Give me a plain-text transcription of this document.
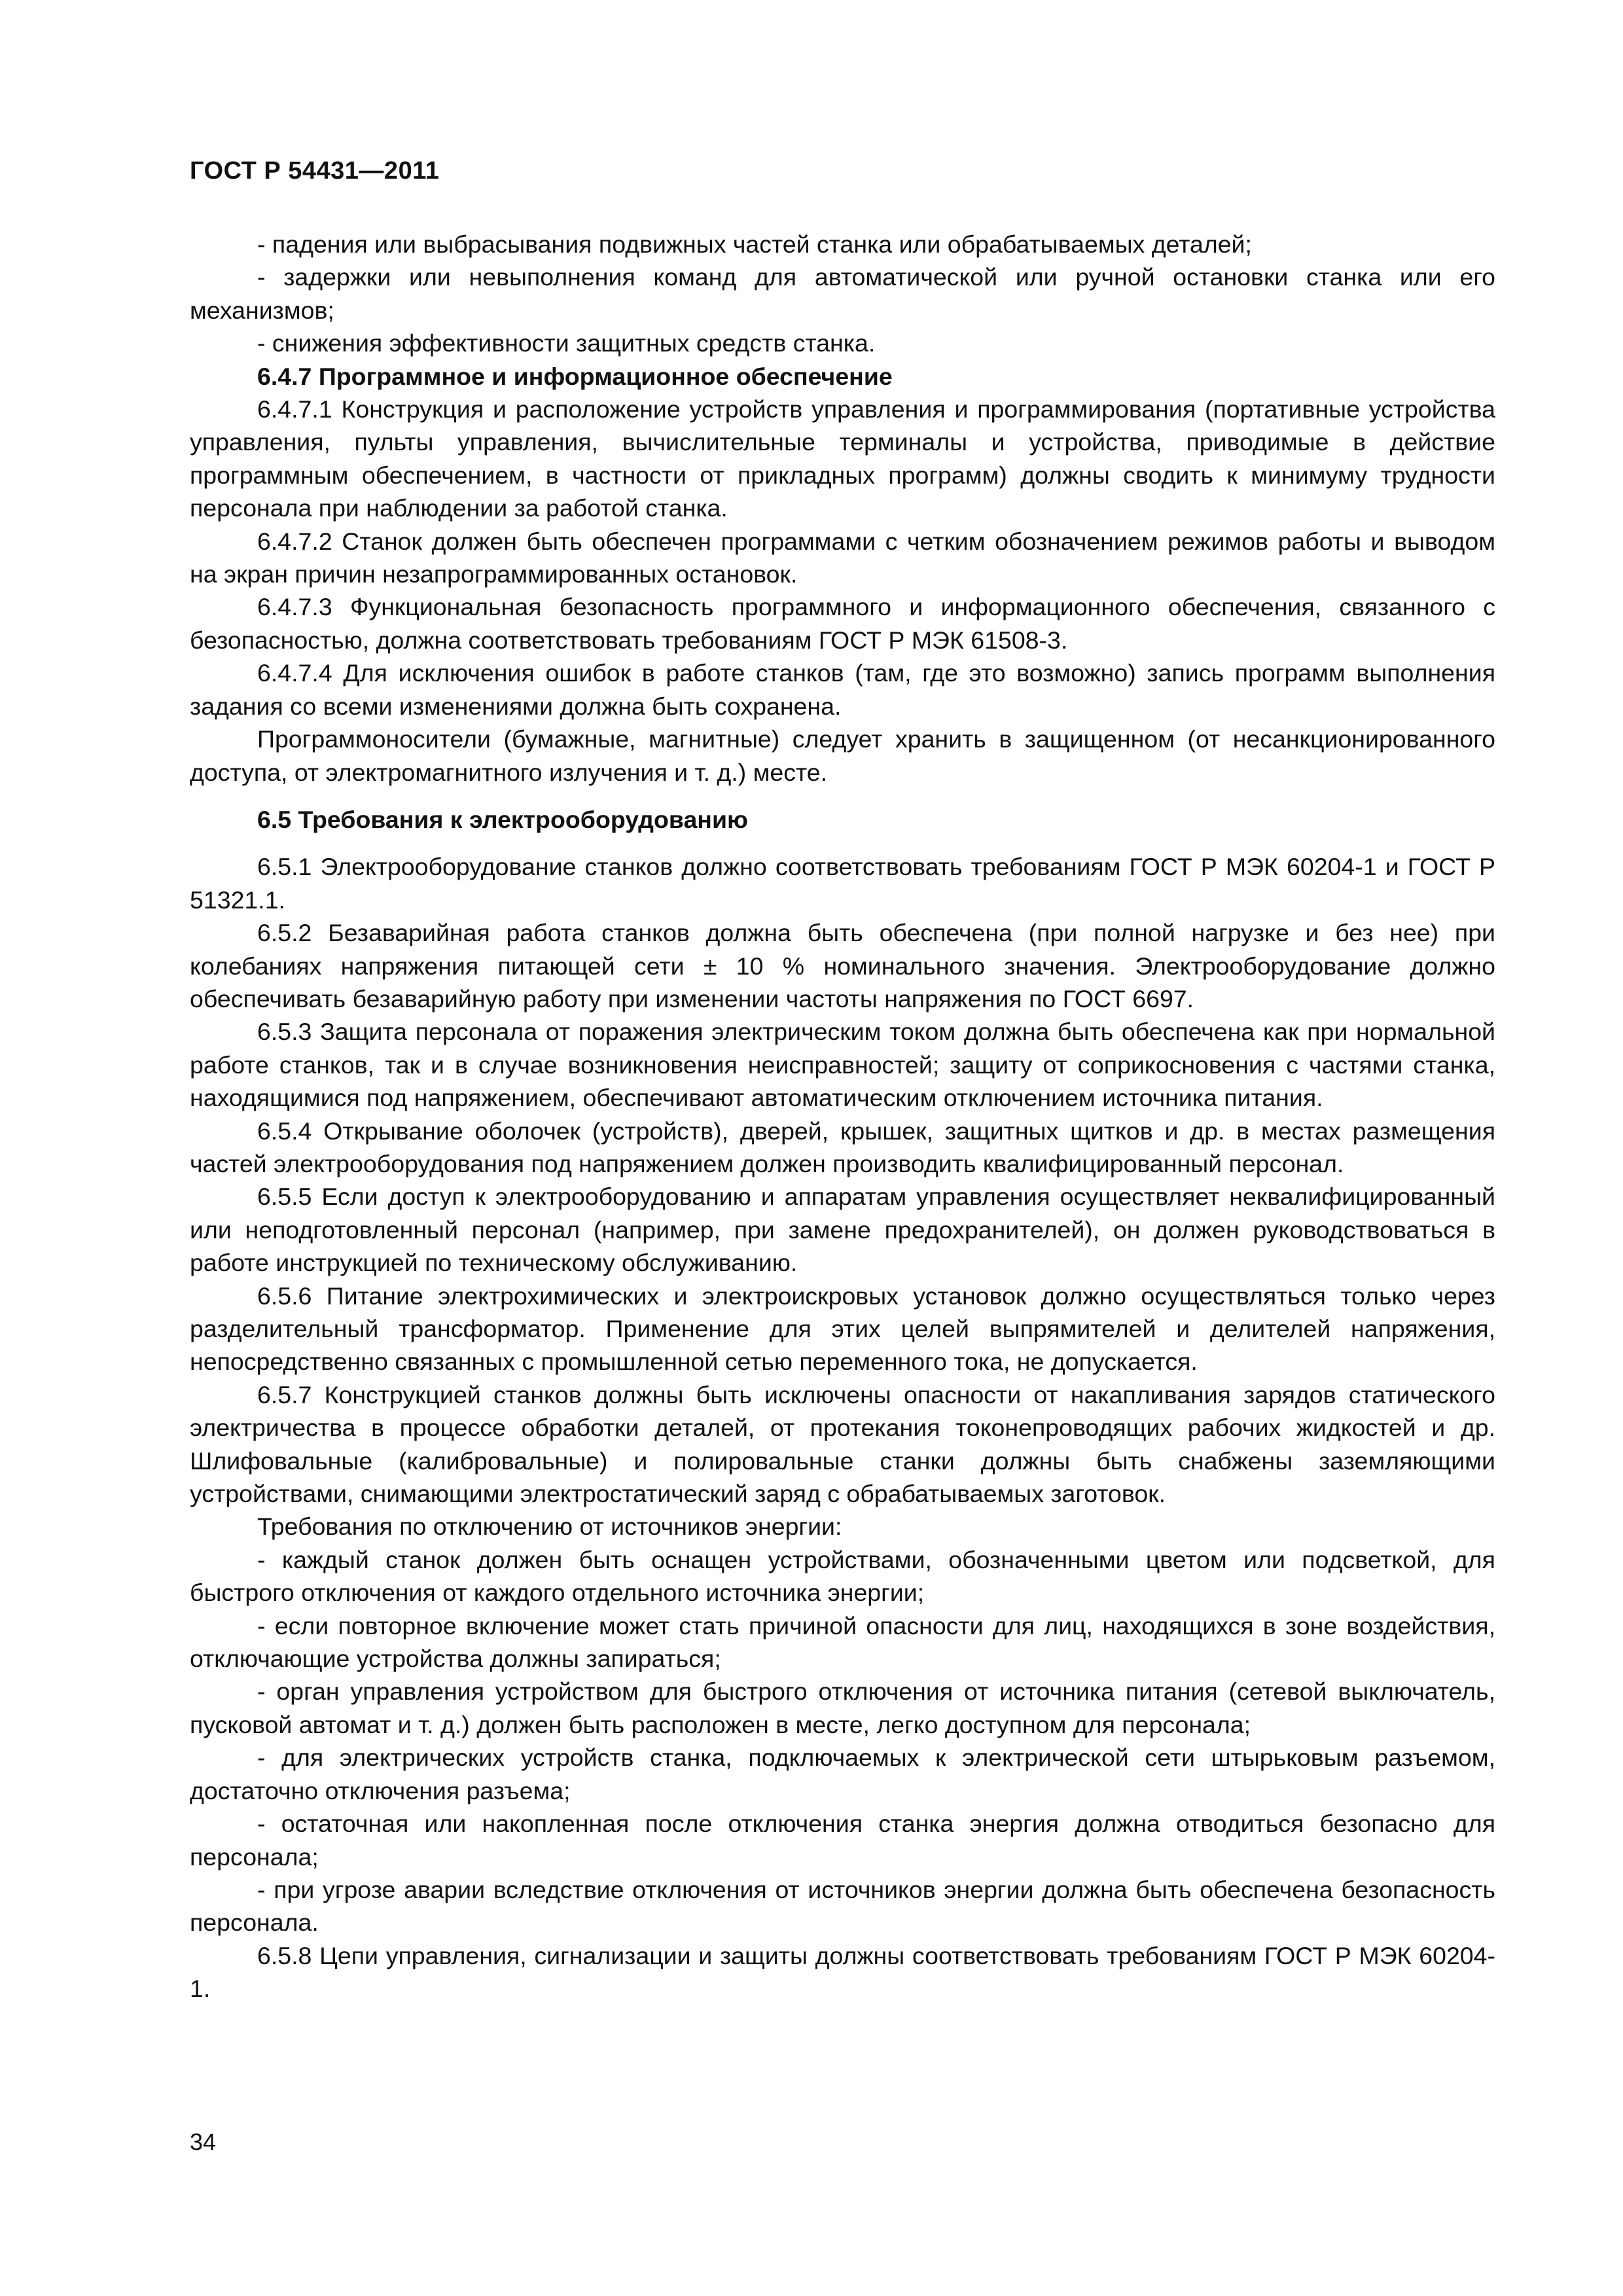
ГОСТ Р 54431—2011

- падения или выбрасывания подвижных частей станка или обрабатываемых деталей;

- задержки или невыполнения команд для автоматической или ручной остановки станка или его механизмов;

- снижения эффективности защитных средств станка.

6.4.7 Программное и информационное обеспечение

6.4.7.1 Конструкция и расположение устройств управления и программирования (портативные устройства управления, пульты управления, вычислительные терминалы и устройства, приводимые в действие программным обеспечением, в частности от прикладных программ) должны сводить к минимуму трудности персонала при наблюдении за работой станка.

6.4.7.2 Станок должен быть обеспечен программами с четким обозначением режимов работы и выводом на экран причин незапрограммированных остановок.

6.4.7.3 Функциональная безопасность программного и информационного обеспечения, связанного с безопасностью, должна соответствовать требованиям ГОСТ Р МЭК 61508-3.

6.4.7.4 Для исключения ошибок в работе станков (там, где это возможно) запись программ выполнения задания со всеми изменениями должна быть сохранена.

Программоносители (бумажные, магнитные) следует хранить в защищенном (от несанкционированного доступа, от электромагнитного излучения и т. д.) месте.

6.5 Требования к электрооборудованию

6.5.1 Электрооборудование станков должно соответствовать требованиям ГОСТ Р МЭК 60204-1 и ГОСТ Р 51321.1.

6.5.2 Безаварийная работа станков должна быть обеспечена (при полной нагрузке и без нее) при колебаниях напряжения питающей сети ± 10 % номинального значения. Электрооборудование должно обеспечивать безаварийную работу при изменении частоты напряжения по ГОСТ 6697.

6.5.3 Защита персонала от поражения электрическим током должна быть обеспечена как при нормальной работе станков, так и в случае возникновения неисправностей; защиту от соприкосновения с частями станка, находящимися под напряжением, обеспечивают автоматическим отключением источника питания.

6.5.4 Открывание оболочек (устройств), дверей, крышек, защитных щитков и др. в местах размещения частей электрооборудования под напряжением должен производить квалифицированный персонал.

6.5.5 Если доступ к электрооборудованию и аппаратам управления осуществляет неквалифицированный или неподготовленный персонал (например, при замене предохранителей), он должен руководствоваться в работе инструкцией по техническому обслуживанию.

6.5.6 Питание электрохимических и электроискровых установок должно осуществляться только через разделительный трансформатор. Применение для этих целей выпрямителей и делителей напряжения, непосредственно связанных с промышленной сетью переменного тока, не допускается.

6.5.7 Конструкцией станков должны быть исключены опасности от накапливания зарядов статического электричества в процессе обработки деталей, от протекания токонепроводящих рабочих жидкостей и др. Шлифовальные (калибровальные) и полировальные станки должны быть снабжены заземляющими устройствами, снимающими электростатический заряд с обрабатываемых заготовок.

Требования по отключению от источников энергии:

- каждый станок должен быть оснащен устройствами, обозначенными цветом или подсветкой, для быстрого отключения от каждого отдельного источника энергии;

- если повторное включение может стать причиной опасности для лиц, находящихся в зоне воздействия, отключающие устройства должны запираться;

- орган управления устройством для быстрого отключения от источника питания (сетевой выключатель, пусковой автомат и т. д.) должен быть расположен в месте, легко доступном для персонала;

- для электрических устройств станка, подключаемых к электрической сети штырьковым разъемом, достаточно отключения разъема;

- остаточная или накопленная после отключения станка энергия должна отводиться безопасно для персонала;

- при угрозе аварии вследствие отключения от источников энергии должна быть обеспечена безопасность персонала.

6.5.8 Цепи управления, сигнализации и защиты должны соответствовать требованиям ГОСТ Р МЭК 60204-1.

34
